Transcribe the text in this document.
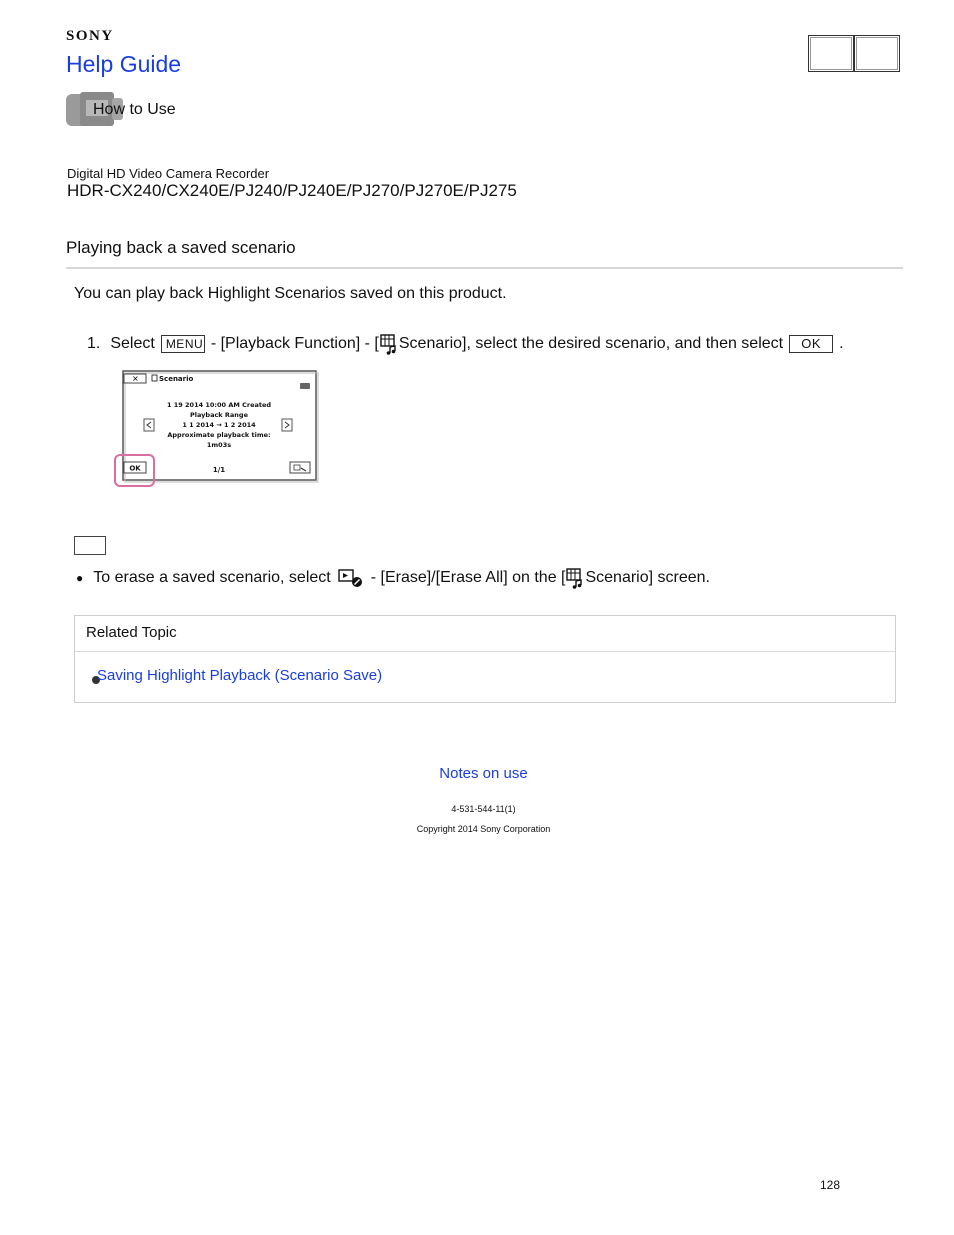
SONY
Help Guide
How to Use
Digital HD Video Camera Recorder
HDR-CX240/CX240E/PJ240/PJ240E/PJ270/PJ270E/PJ275
Playing back a saved scenario
You can play back Highlight Scenarios saved on this product.
1. Select MENU - [Playback Function] - [ Scenario], select the desired scenario, and then select	OK	.
✕	Scenario
1 19 2014 10:00 AM Created
Playback Range
1 1 2014 → 1 2 2014
Approximate playback time:
1m03s
OK	1/1
● To erase a saved scenario, select	- [Erase]/[Erase All] on the [ Scenario] screen.
Related Topic
Saving Highlight Playback (Scenario Save)
Notes on use
4-531-544-11(1)
Copyright 2014 Sony Corporation
128
